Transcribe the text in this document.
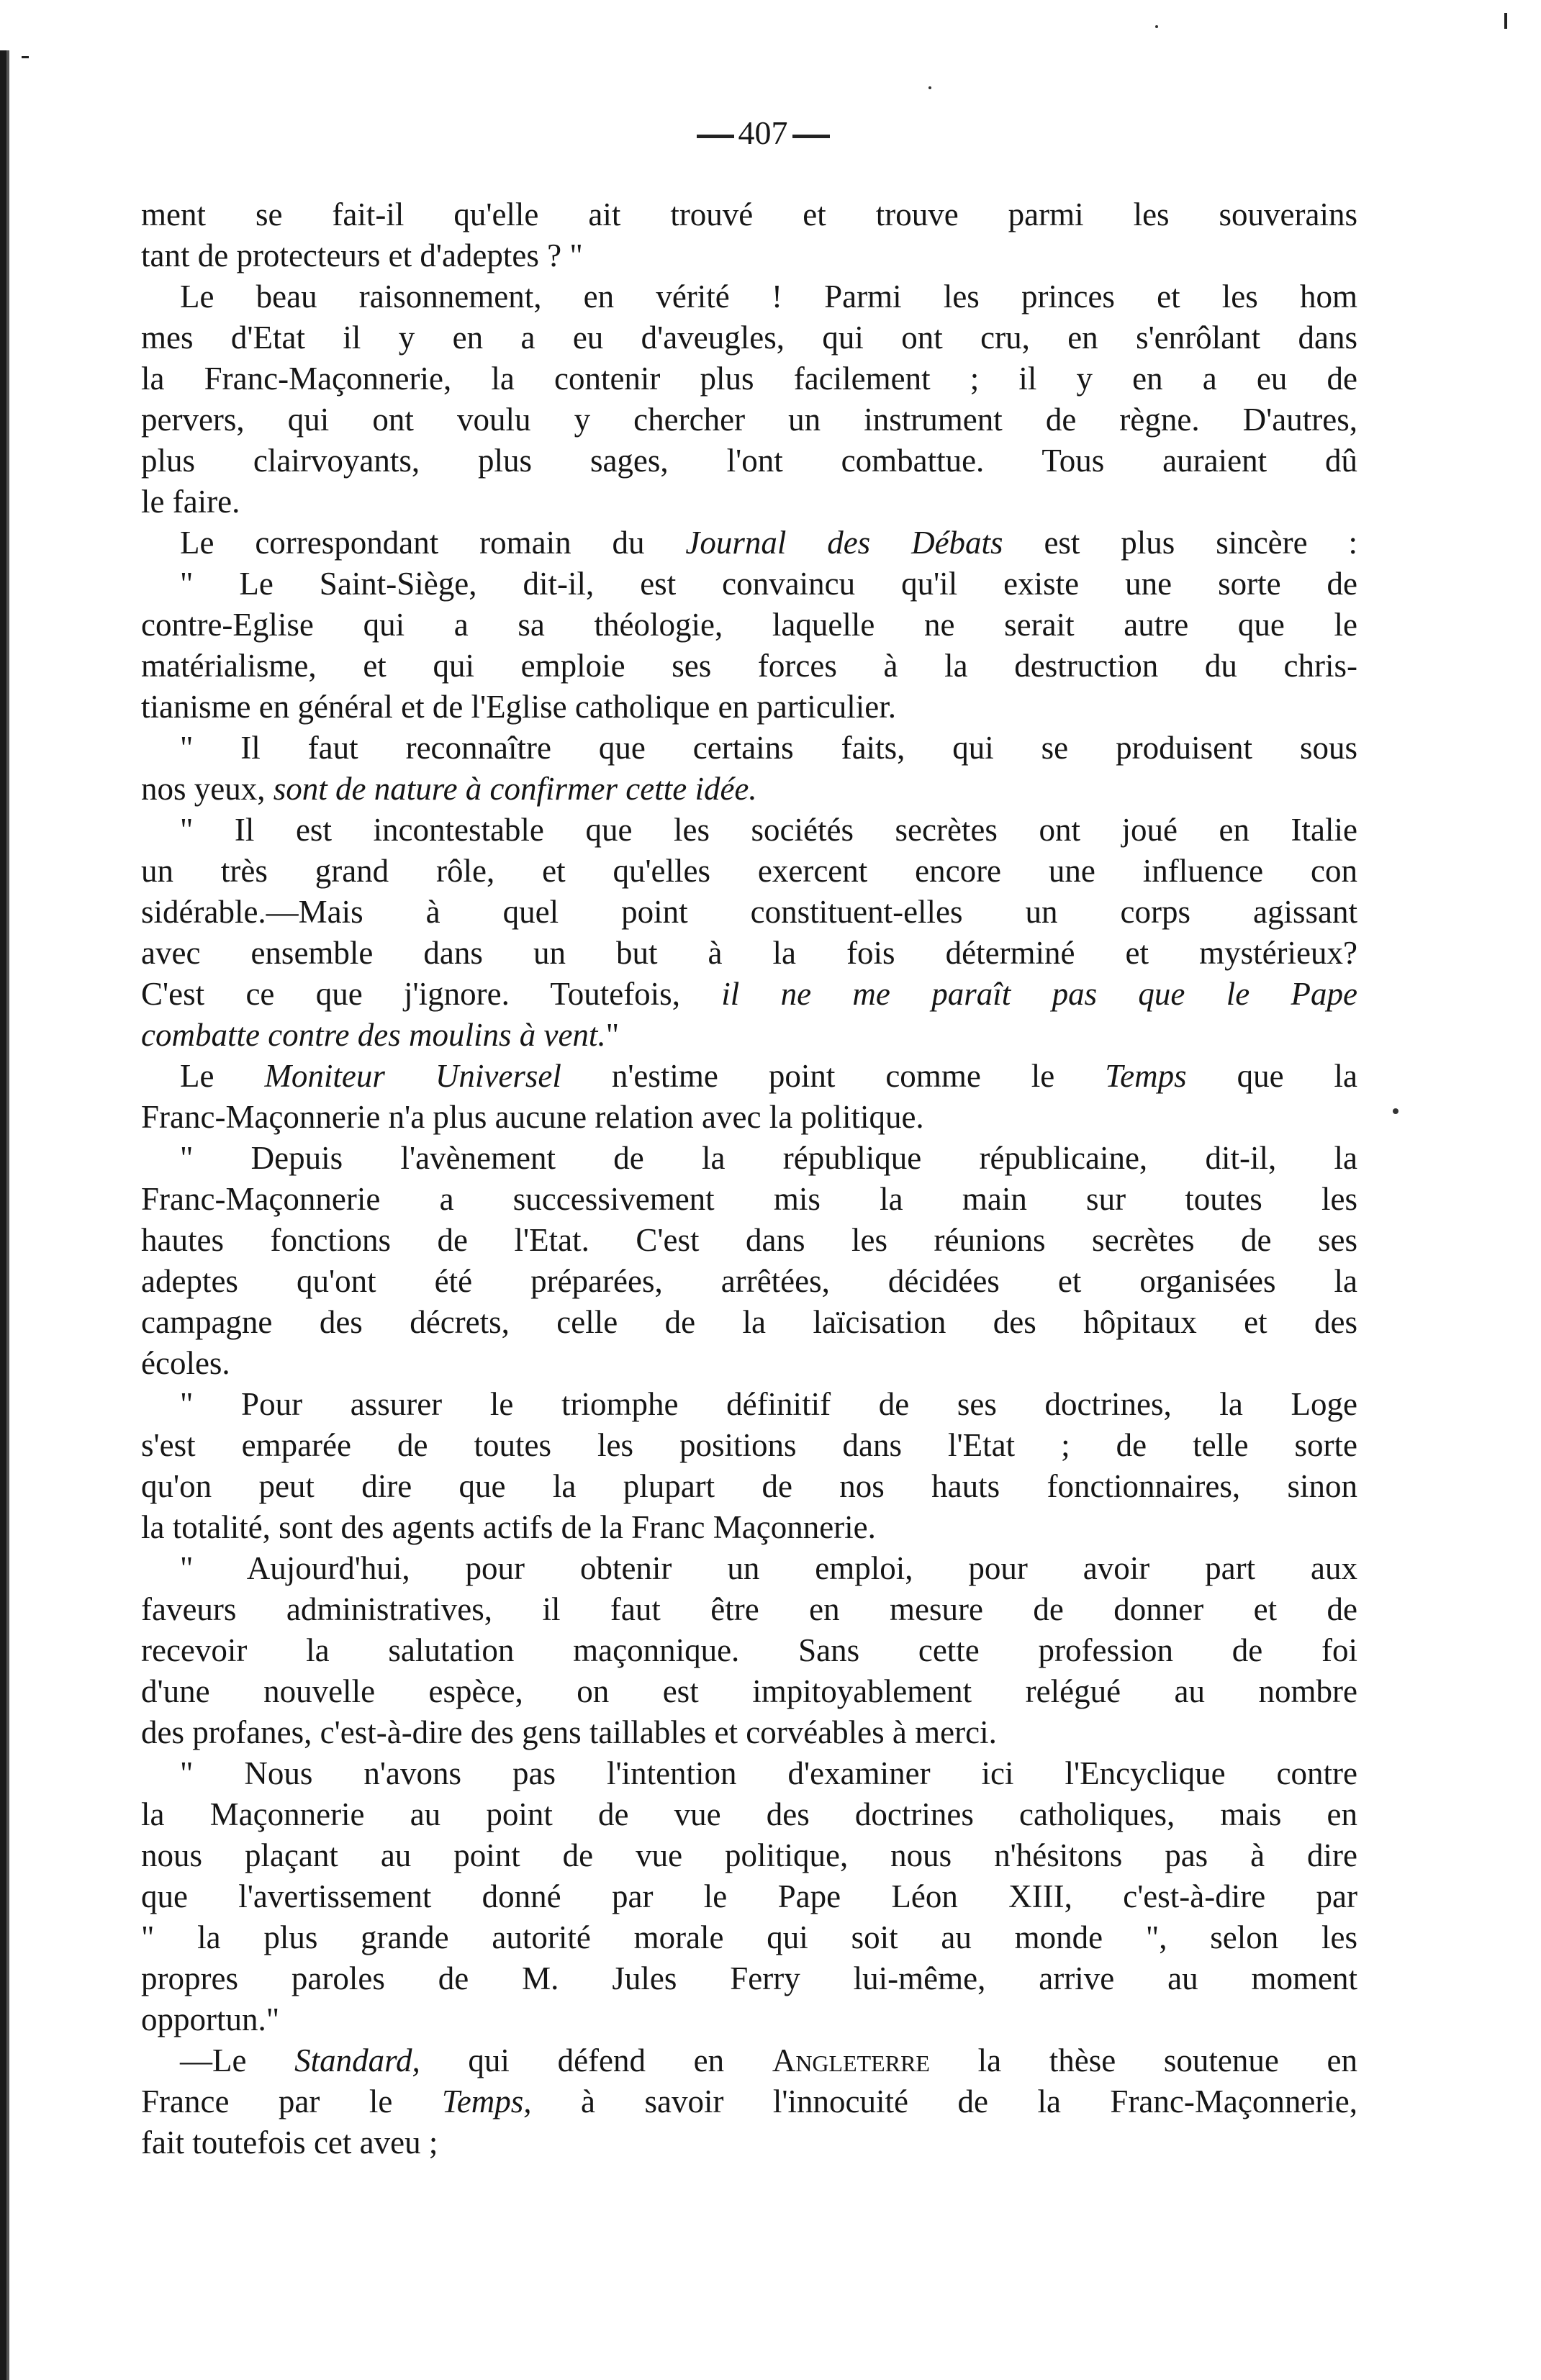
407
ment se fait-il qu'elle ait trouvé et trouve parmi les souverains
tant de protecteurs et d'adeptes ? "
Le beau raisonnement, en vérité ! Parmi les princes et les hom
mes d'Etat il y en a eu d'aveugles, qui ont cru, en s'enrôlant dans
la Franc-Maçonnerie, la contenir plus facilement ; il y en a eu de
pervers, qui ont voulu y chercher un instrument de règne. D'autres,
plus clairvoyants, plus sages, l'ont combattue. Tous auraient dû
le faire.
Le correspondant romain du Journal des Débats est plus sincère :
" Le Saint-Siège, dit-il, est convaincu qu'il existe une sorte de
contre-Eglise qui a sa théologie, laquelle ne serait autre que le
matérialisme, et qui emploie ses forces à la destruction du chris-
tianisme en général et de l'Eglise catholique en particulier.
" Il faut reconnaître que certains faits, qui se produisent sous
nos yeux, sont de nature à confirmer cette idée.
" Il est incontestable que les sociétés secrètes ont joué en Italie
un très grand rôle, et qu'elles exercent encore une influence con
sidérable.—Mais à quel point constituent-elles un corps agissant
avec ensemble dans un but à la fois déterminé et mystérieux?
C'est ce que j'ignore. Toutefois, il ne me paraît pas que le Pape
combatte contre des moulins à vent."
Le Moniteur Universel n'estime point comme le Temps que la
Franc-Maçonnerie n'a plus aucune relation avec la politique.
" Depuis l'avènement de la république républicaine, dit-il, la
Franc-Maçonnerie a successivement mis la main sur toutes les
hautes fonctions de l'Etat. C'est dans les réunions secrètes de ses
adeptes qu'ont été préparées, arrêtées, décidées et organisées la
campagne des décrets, celle de la laïcisation des hôpitaux et des
écoles.
" Pour assurer le triomphe définitif de ses doctrines, la Loge
s'est emparée de toutes les positions dans l'Etat ; de telle sorte
qu'on peut dire que la plupart de nos hauts fonctionnaires, sinon
la totalité, sont des agents actifs de la Franc Maçonnerie.
" Aujourd'hui, pour obtenir un emploi, pour avoir part aux
faveurs administratives, il faut être en mesure de donner et de
recevoir la salutation maçonnique. Sans cette profession de foi
d'une nouvelle espèce, on est impitoyablement relégué au nombre
des profanes, c'est-à-dire des gens taillables et corvéables à merci.
" Nous n'avons pas l'intention d'examiner ici l'Encyclique contre
la Maçonnerie au point de vue des doctrines catholiques, mais en
nous plaçant au point de vue politique, nous n'hésitons pas à dire
que l'avertissement donné par le Pape Léon XIII, c'est-à-dire par
" la plus grande autorité morale qui soit au monde ", selon les
propres paroles de M. Jules Ferry lui-même, arrive au moment
opportun."
—Le Standard, qui défend en Angleterre la thèse soutenue en
France par le Temps, à savoir l'innocuité de la Franc-Maçonnerie,
fait toutefois cet aveu ;
